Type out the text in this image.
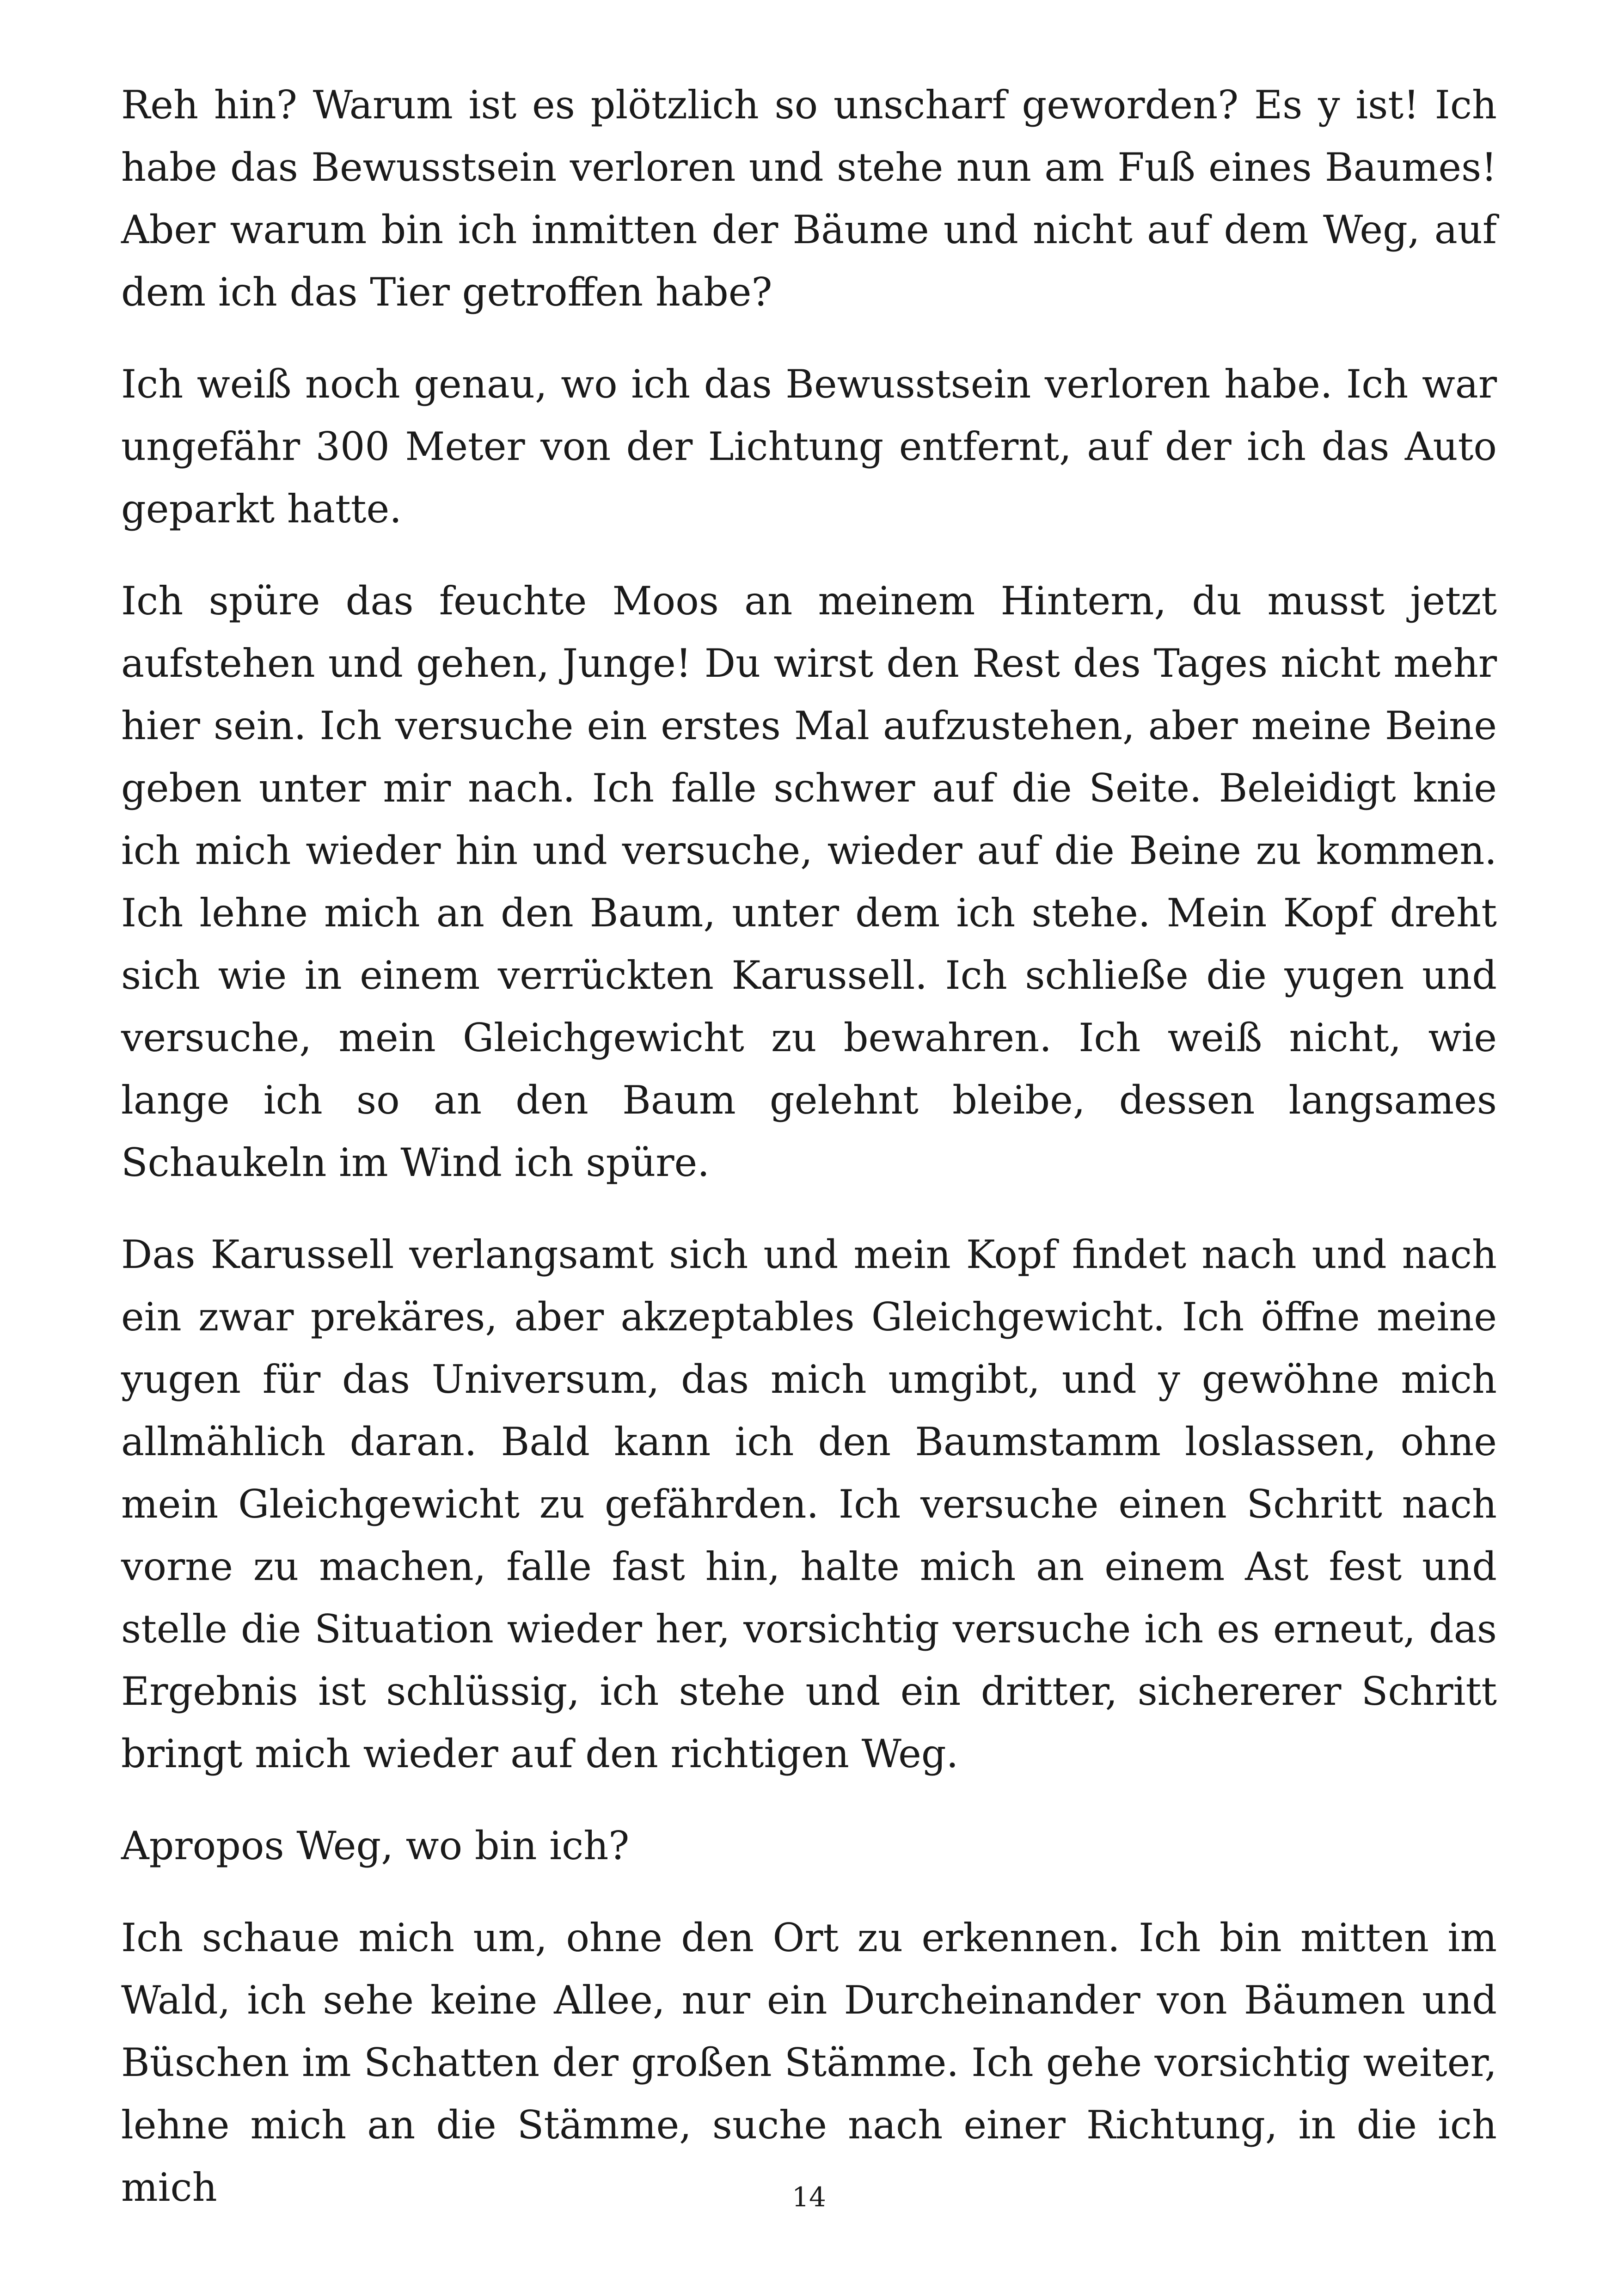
Reh hin? Warum ist es plötzlich so unscharf geworden? Es y ist! Ich habe das Bewusstsein verloren und stehe nun am Fuß eines Baumes! Aber warum bin ich inmitten der Bäume und nicht auf dem Weg, auf dem ich das Tier getroffen habe?

Ich weiß noch genau, wo ich das Bewusstsein verloren habe. Ich war ungefähr 300 Meter von der Lichtung entfernt, auf der ich das Auto geparkt hatte.

Ich spüre das feuchte Moos an meinem Hintern, du musst jetzt aufstehen und gehen, Junge! Du wirst den Rest des Tages nicht mehr hier sein. Ich versuche ein erstes Mal aufzustehen, aber meine Beine geben unter mir nach. Ich falle schwer auf die Seite. Beleidigt knie ich mich wieder hin und versuche, wieder auf die Beine zu kommen. Ich lehne mich an den Baum, unter dem ich stehe. Mein Kopf dreht sich wie in einem verrückten Karussell. Ich schließe die yugen und versuche, mein Gleichgewicht zu bewahren. Ich weiß nicht, wie lange ich so an den Baum gelehnt bleibe, dessen langsames Schaukeln im Wind ich spüre.

Das Karussell verlangsamt sich und mein Kopf findet nach und nach ein zwar prekäres, aber akzeptables Gleichgewicht. Ich öffne meine yugen für das Universum, das mich umgibt, und y gewöhne mich allmählich daran. Bald kann ich den Baumstamm loslassen, ohne mein Gleichgewicht zu gefährden. Ich versuche einen Schritt nach vorne zu machen, falle fast hin, halte mich an einem Ast fest und stelle die Situation wieder her, vorsichtig versuche ich es erneut, das Ergebnis ist schlüssig, ich stehe und ein dritter, sichererer Schritt bringt mich wieder auf den richtigen Weg.

Apropos Weg, wo bin ich?

Ich schaue mich um, ohne den Ort zu erkennen. Ich bin mitten im Wald, ich sehe keine Allee, nur ein Durcheinander von Bäumen und Büschen im Schatten der großen Stämme. Ich gehe vorsichtig weiter, lehne mich an die Stämme, suche nach einer Richtung, in die ich mich	14
